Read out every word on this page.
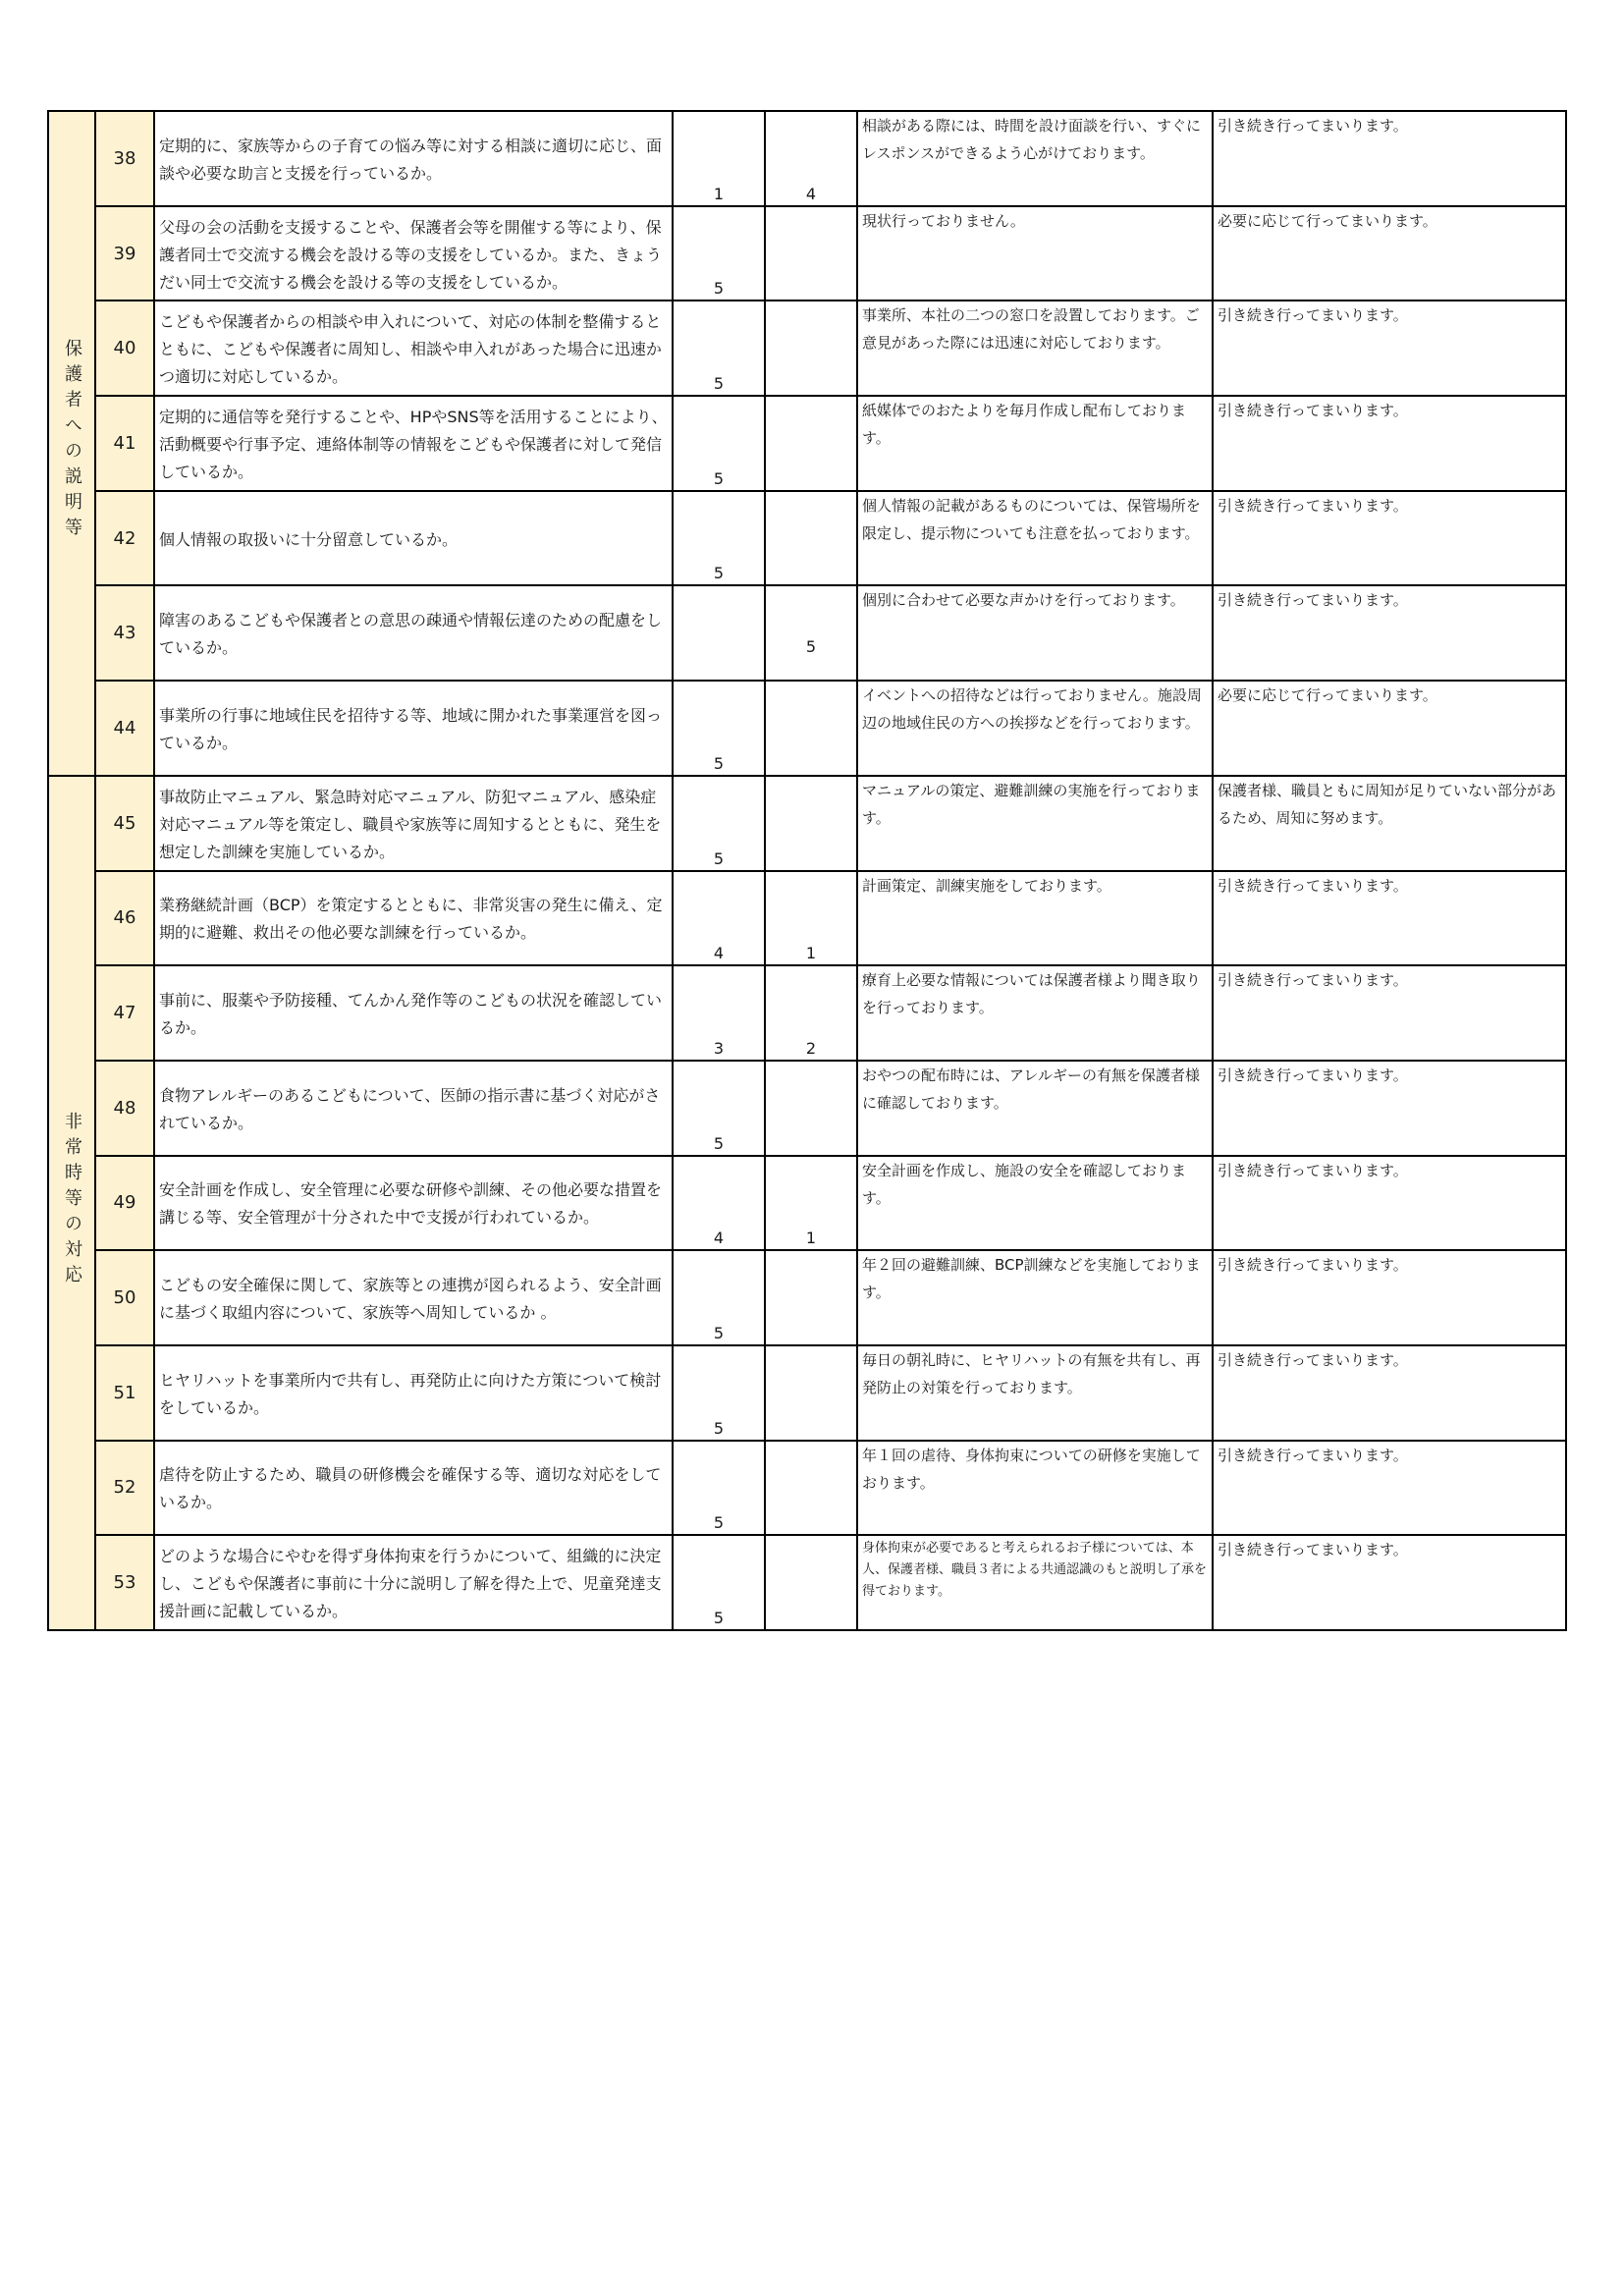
保護者への説明等	38	定期的に、家族等からの子育ての悩み等に対する相談に適切に応じ、面談や必要な助言と支援を行っているか。	1	4	相談がある際には、時間を設け面談を行い、すぐにレスポンスができるよう心がけております。	引き続き行ってまいります。
	39	父母の会の活動を支援することや、保護者会等を開催する等により、保護者同士で交流する機会を設ける等の支援をしているか。また、きょうだい同士で交流する機会を設ける等の支援をしているか。	5		現状行っておりません。	必要に応じて行ってまいります。
	40	こどもや保護者からの相談や申入れについて、対応の体制を整備するとともに、こどもや保護者に周知し、相談や申入れがあった場合に迅速かつ適切に対応しているか。	5		事業所、本社の二つの窓口を設置しております。ご意見があった際には迅速に対応しております。	引き続き行ってまいります。
	41	定期的に通信等を発行することや、HPやSNS等を活用することにより、活動概要や行事予定、連絡体制等の情報をこどもや保護者に対して発信しているか。	5		紙媒体でのおたよりを毎月作成し配布しております。	引き続き行ってまいります。
	42	個人情報の取扱いに十分留意しているか。	5		個人情報の記載があるものについては、保管場所を限定し、提示物についても注意を払っております。	引き続き行ってまいります。
	43	障害のあるこどもや保護者との意思の疎通や情報伝達のための配慮をしているか。		5	個別に合わせて必要な声かけを行っております。	引き続き行ってまいります。
	44	事業所の行事に地域住民を招待する等、地域に開かれた事業運営を図っているか。	5		イベントへの招待などは行っておりません。施設周辺の地域住民の方への挨拶などを行っております。	必要に応じて行ってまいります。
非常時等の対応	45	事故防止マニュアル、緊急時対応マニュアル、防犯マニュアル、感染症対応マニュアル等を策定し、職員や家族等に周知するとともに、発生を想定した訓練を実施しているか。	5		マニュアルの策定、避難訓練の実施を行っております。	保護者様、職員ともに周知が足りていない部分があるため、周知に努めます。
	46	業務継続計画（BCP）を策定するとともに、非常災害の発生に備え、定期的に避難、救出その他必要な訓練を行っているか。	4	1	計画策定、訓練実施をしております。	引き続き行ってまいります。
	47	事前に、服薬や予防接種、てんかん発作等のこどもの状況を確認しているか。	3	2	療育上必要な情報については保護者様より聞き取りを行っております。	引き続き行ってまいります。
	48	食物アレルギーのあるこどもについて、医師の指示書に基づく対応がされているか。	5		おやつの配布時には、アレルギーの有無を保護者様に確認しております。	引き続き行ってまいります。
	49	安全計画を作成し、安全管理に必要な研修や訓練、その他必要な措置を講じる等、安全管理が十分された中で支援が行われているか。	4	1	安全計画を作成し、施設の安全を確認しております。	引き続き行ってまいります。
	50	こどもの安全確保に関して、家族等との連携が図られるよう、安全計画に基づく取組内容について、家族等へ周知しているか 。	5		年２回の避難訓練、BCP訓練などを実施しております。	引き続き行ってまいります。
	51	ヒヤリハットを事業所内で共有し、再発防止に向けた方策について検討をしているか。	5		毎日の朝礼時に、ヒヤリハットの有無を共有し、再発防止の対策を行っております。	引き続き行ってまいります。
	52	虐待を防止するため、職員の研修機会を確保する等、適切な対応をしているか。	5		年１回の虐待、身体拘束についての研修を実施しております。	引き続き行ってまいります。
	53	どのような場合にやむを得ず身体拘束を行うかについて、組織的に決定し、こどもや保護者に事前に十分に説明し了解を得た上で、児童発達支援計画に記載しているか。	5		身体拘束が必要であると考えられるお子様については、本人、保護者様、職員３者による共通認識のもと説明し了承を得ております。	引き続き行ってまいります。
